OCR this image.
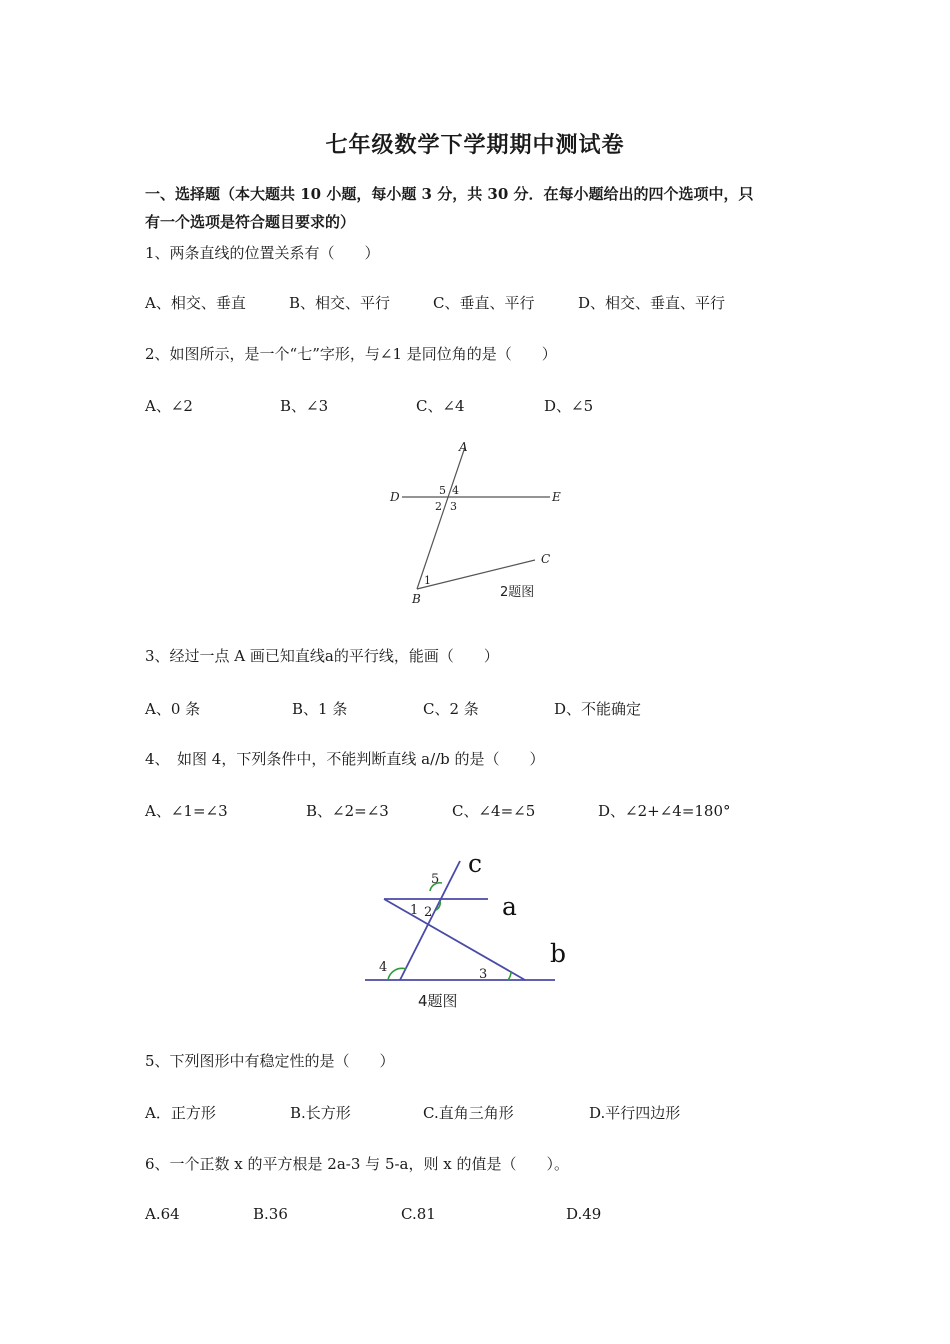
七年级数学下学期期中测试卷
一、选择题（本大题共 10 小题，每小题 3 分，共 30 分．在每小题给出的四个选项中，只
有一个选项是符合题目要求的）
1、两条直线的位置关系有（　　）
A、相交、垂直	B、相交、平行	C、垂直、平行	D、相交、垂直、平行
2、如图所示，是一个“七”字形，与∠1 是同位角的是（　　）
A、∠2	B、∠3	C、∠4	D、∠5
A
D	E
C
B
5 4
2 3
1
2题图
3、经过一点 A 画已知直线a的平行线，能画（　　）
A、0 条	B、1 条	C、2 条	D、不能确定
4、　如图 4，下列条件中，不能判断直线 a//b 的是（　　）
A、∠1=∠3	B、∠2=∠3	C、∠4=∠5	D、∠2+∠4=180°
c
a
b
5
1 2
4	3
4题图
5、下列图形中有稳定性的是（　　）
A．正方形	B.长方形	C.直角三角形	D.平行四边形
6、一个正数 x 的平方根是 2a-3 与 5-a，则 x 的值是（　　）。
A.64	B.36	C.81	D.49
